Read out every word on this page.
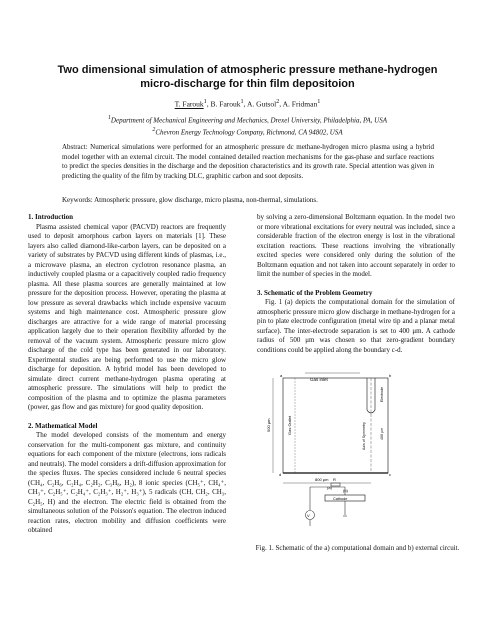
Two dimensional simulation of atmospheric pressure methane-hydrogen micro-discharge for thin film depositoion
T. Farouk$^1$, B. Farouk$^1$, A. Gutsol$^2$, A. Fridman$^1$
$^1$Department of Mechanical Engineering and Mechanics, Drexel University, Philadelphia, PA, USA
$^2$Chevron Energy Technology Company, Richmond, CA 94802, USA
Abstract: Numerical simulations were performed for an atmospheric pressure dc methane-hydrogen micro plasma using a hybrid model together with an external circuit. The model contained detailed reaction mechanisms for the gas-phase and surface reactions to predict the species densities in the discharge and the deposition characteristics and its growth rate. Special attention was given in predicting the quality of the film by tracking DLC, graphitic carbon and soot deposits.
Keywords: Atmospheric pressure, glow discharge, micro plasma, non-thermal, simulations.
1. Introduction

Plasma assisted chemical vapor (PACVD) reactors are frequently used to deposit amorphous carbon layers on materials [1]. These layers also called diamond-like-carbon layers, can be deposited on a variety of substrates by PACVD using different kinds of plasmas, i.e., a microwave plasma, an electron cyclotron resonance plasma, an inductively coupled plasma or a capacitively coupled radio frequency plasma. All these plasma sources are generally maintained at low pressure for the deposition process. However, operating the plasma at low pressure as several drawbacks which include expensive vacuum systems and high maintenance cost. Atmospheric pressure glow discharges are attractive for a wide range of material processing application largely due to their operation flexibility afforded by the removal of the vacuum system. Atmospheric pressure micro glow discharge of the cold type has been generated in our laboratory. Experimental studies are being performed to use the micro glow discharge for deposition. A hybrid model has been developed to simulate direct current methane-hydrogen plasma operating at atmospheric pressure. The simulations will help to predict the composition of the plasma and to optimize the plasma parameters (power, gas flow and gas mixture) for good quality deposition.

2. Mathematical Model

The model developed consists of the momentum and energy conservation for the multi-component gas mixture, and continuity equations for each component of the mixture (electrons, ions radicals and neutrals). The model considers a drift-diffusion approximation for the species fluxes. The species considered include 6 neutral species (CH₄, C₂H₆, C₂H₄, C₂H₂, C₃H₈, H₂), 8 ionic species (CH₅⁺, CH₄⁺, CH₃⁺, C₂H₅⁺, C₂H₄⁺, C₂H₃⁺, H₂⁺, H₃⁺), 5 radicals (CH, CH₂, CH₃, C₂H₅, H) and the electron. The electric field is obtained from the simultaneous solution of the Poisson's equation. The electron induced reaction rates, electron mobility and diffusion coefficients were obtained

by solving a zero-dimensional Boltzmann equation. In the model two or more vibrational excitations for every neutral was included, since a considerable fraction of the electron energy is lost in the vibrational excitation reactions. These reactions involving the vibrationally excited species were considered only during the solution of the Boltzmann equation and not taken into account separately in order to limit the number of species in the model.

3. Schematic of the Problem Geometry

Fig. 1 (a) depicts the computational domain for the simulation of atmospheric pressure micro glow discharge in methane-hydrogen for a pin to plate electrode configuration (metal wire tip and a planar metal surface). The inter-electrode separation is set to 400 μm. A cathode radius of 500 μm was chosen so that zero-gradient boundary conditions could be applied along the boundary c-d.

Gas inlet
500 μm	Gas Outlet	Axis of Symmetry
Electrode
400 μm
800 μm
(a)
a	b
c
d
Cathode
V
R
(b)
Fig. 1. Schematic of the a) computational domain and b) external circuit.
